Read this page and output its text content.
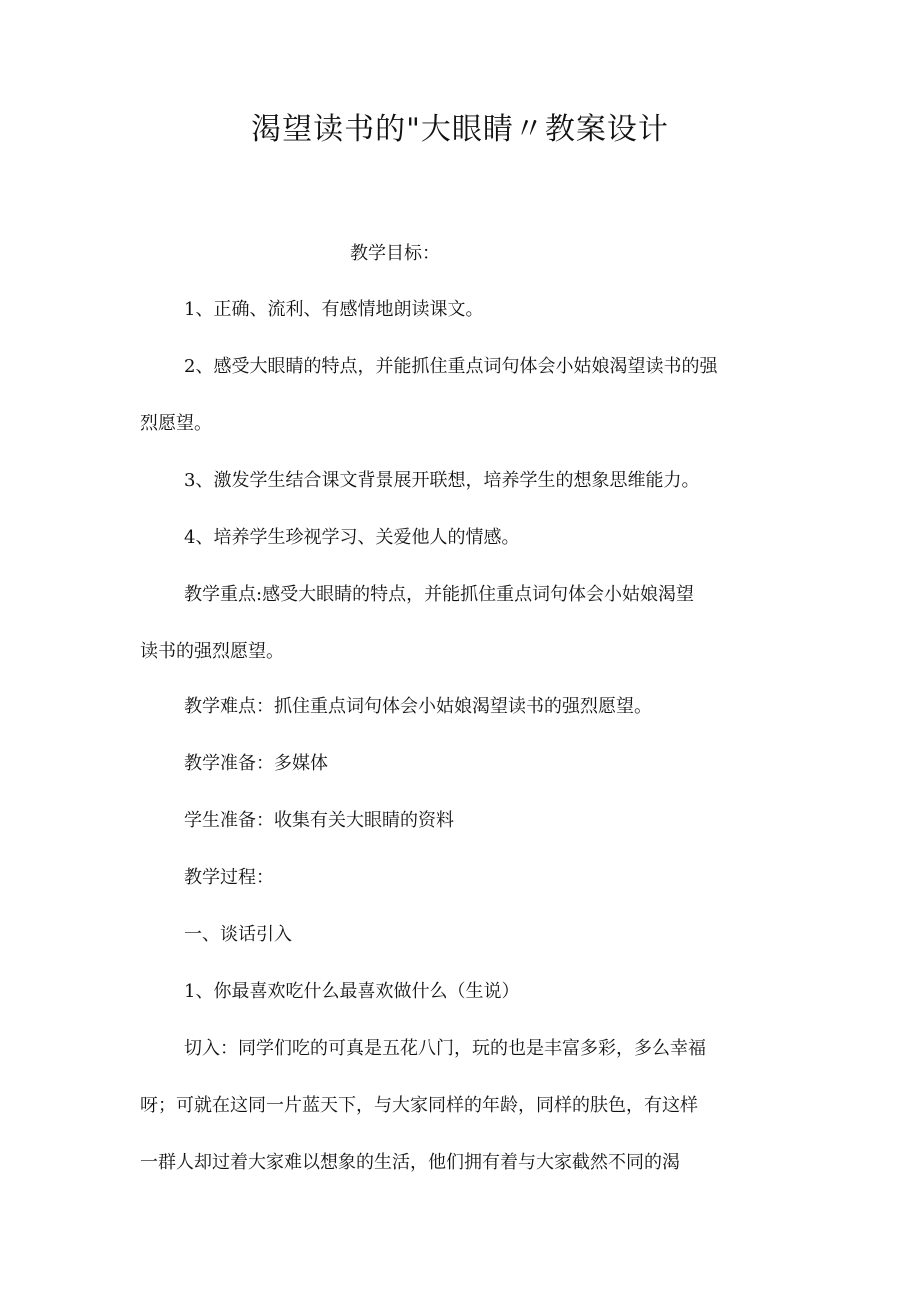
渴望读书的"大眼睛〃教案设计
教学目标：
1、正确、流利、有感情地朗读课文。
2、感受大眼睛的特点，并能抓住重点词句体会小姑娘渴望读书的强
烈愿望。
3、激发学生结合课文背景展开联想，培养学生的想象思维能力。
4、培养学生珍视学习、关爱他人的情感。
教学重点:感受大眼睛的特点，并能抓住重点词句体会小姑娘渴望
读书的强烈愿望。
教学难点：抓住重点词句体会小姑娘渴望读书的强烈愿望。
教学准备：多媒体
学生准备：收集有关大眼睛的资料
教学过程：
一、谈话引入
1、你最喜欢吃什么最喜欢做什么（生说）
切入：同学们吃的可真是五花八门，玩的也是丰富多彩，多么幸福
呀；可就在这同一片蓝天下，与大家同样的年龄，同样的肤色，有这样
一群人却过着大家难以想象的生活，他们拥有着与大家截然不同的渴
